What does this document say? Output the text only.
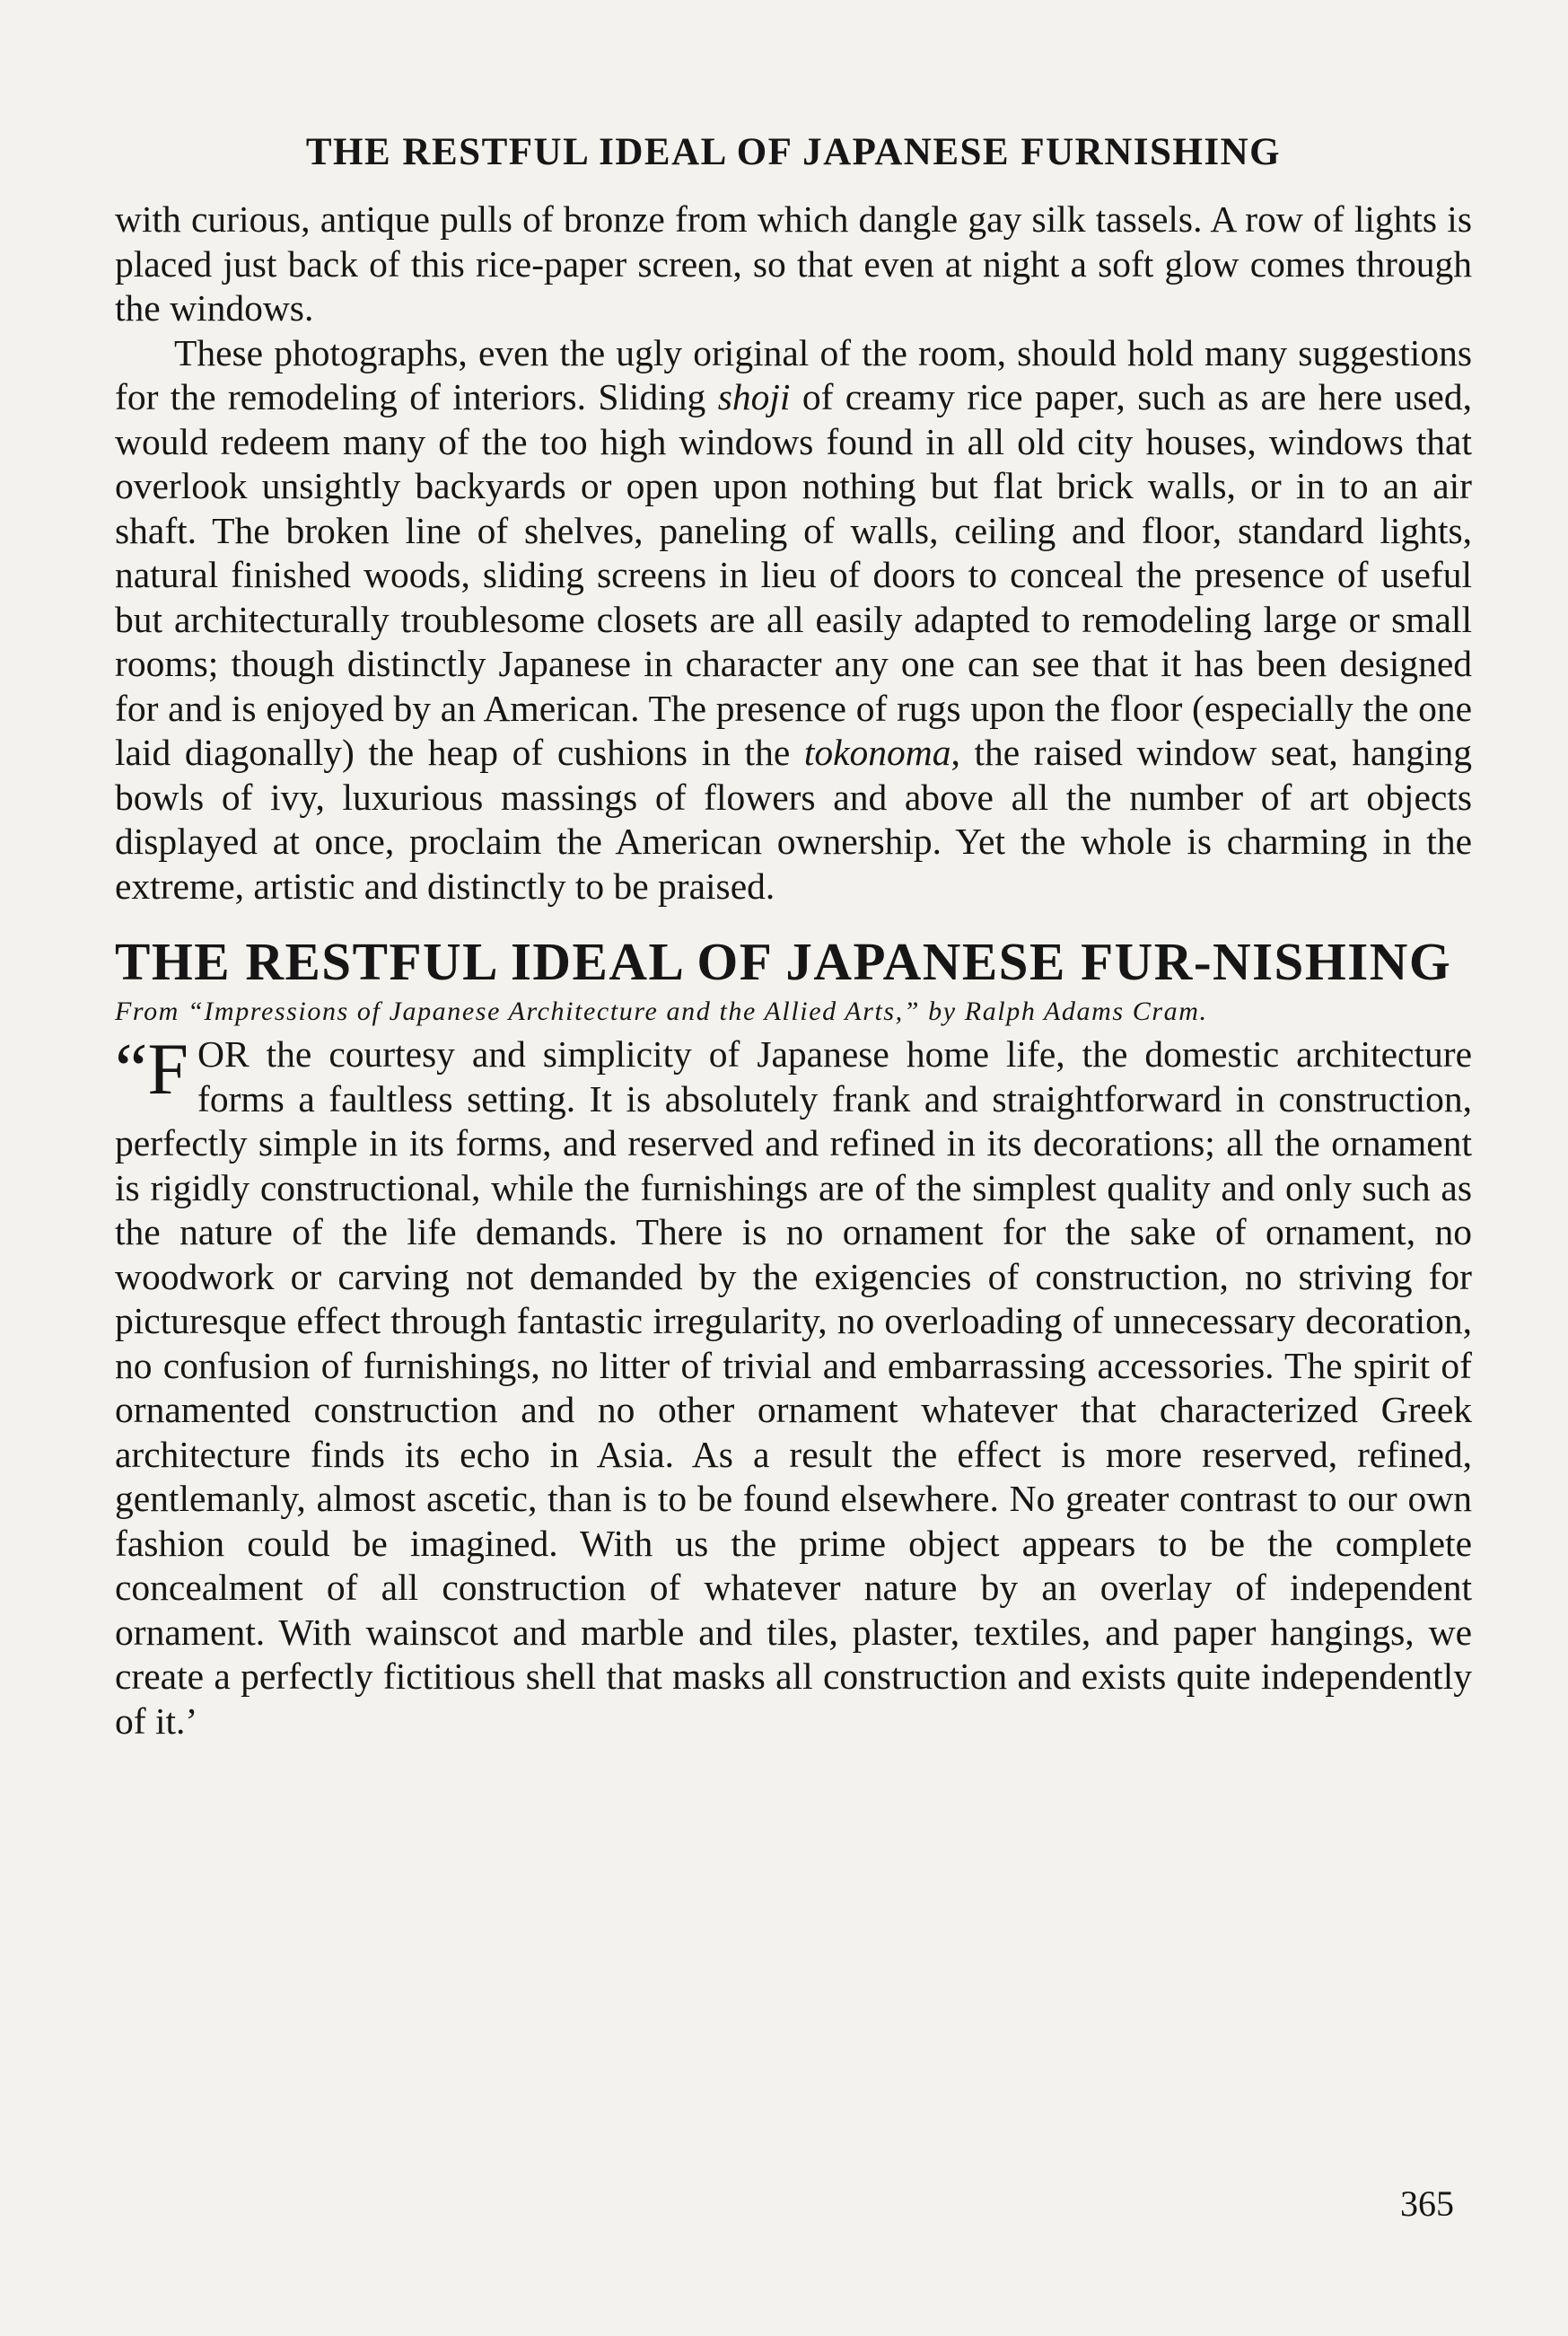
THE RESTFUL IDEAL OF JAPANESE FURNISHING

with curious, antique pulls of bronze from which dangle gay silk tassels. A row of lights is placed just back of this rice-paper screen, so that even at night a soft glow comes through the windows.

These photographs, even the ugly original of the room, should hold many suggestions for the remodeling of interiors. Sliding shoji of creamy rice paper, such as are here used, would redeem many of the too high windows found in all old city houses, windows that overlook unsightly backyards or open upon nothing but flat brick walls, or in to an air shaft. The broken line of shelves, paneling of walls, ceiling and floor, standard lights, natural finished woods, sliding screens in lieu of doors to conceal the presence of useful but architecturally troublesome closets are all easily adapted to remodeling large or small rooms; though distinctly Japanese in character any one can see that it has been designed for and is enjoyed by an American. The presence of rugs upon the floor (especially the one laid diagonally) the heap of cushions in the tokonoma, the raised window seat, hanging bowls of ivy, luxurious massings of flowers and above all the number of art objects displayed at once, proclaim the American ownership. Yet the whole is charming in the extreme, artistic and distinctly to be praised.

THE RESTFUL IDEAL OF JAPANESE FUR-NISHING
From “Impressions of Japanese Architecture and the Allied Arts,” by Ralph Adams Cram.

“FOR the courtesy and simplicity of Japanese home life, the domestic architecture forms a faultless setting. It is absolutely frank and straightforward in construction, perfectly simple in its forms, and reserved and refined in its decorations; all the ornament is rigidly constructional, while the furnishings are of the simplest quality and only such as the nature of the life demands. There is no ornament for the sake of ornament, no woodwork or carving not demanded by the exigencies of construction, no striving for picturesque effect through fantastic irregularity, no overloading of unnecessary decoration, no confusion of furnishings, no litter of trivial and embarrassing accessories. The spirit of ornamented construction and no other ornament whatever that characterized Greek architecture finds its echo in Asia. As a result the effect is more reserved, refined, gentlemanly, almost ascetic, than is to be found elsewhere. No greater contrast to our own fashion could be imagined. With us the prime object appears to be the complete concealment of all construction of whatever nature by an overlay of independent ornament. With wainscot and marble and tiles, plaster, textiles, and paper hangings, we create a perfectly fictitious shell that masks all construction and exists quite independently of it.’

365
